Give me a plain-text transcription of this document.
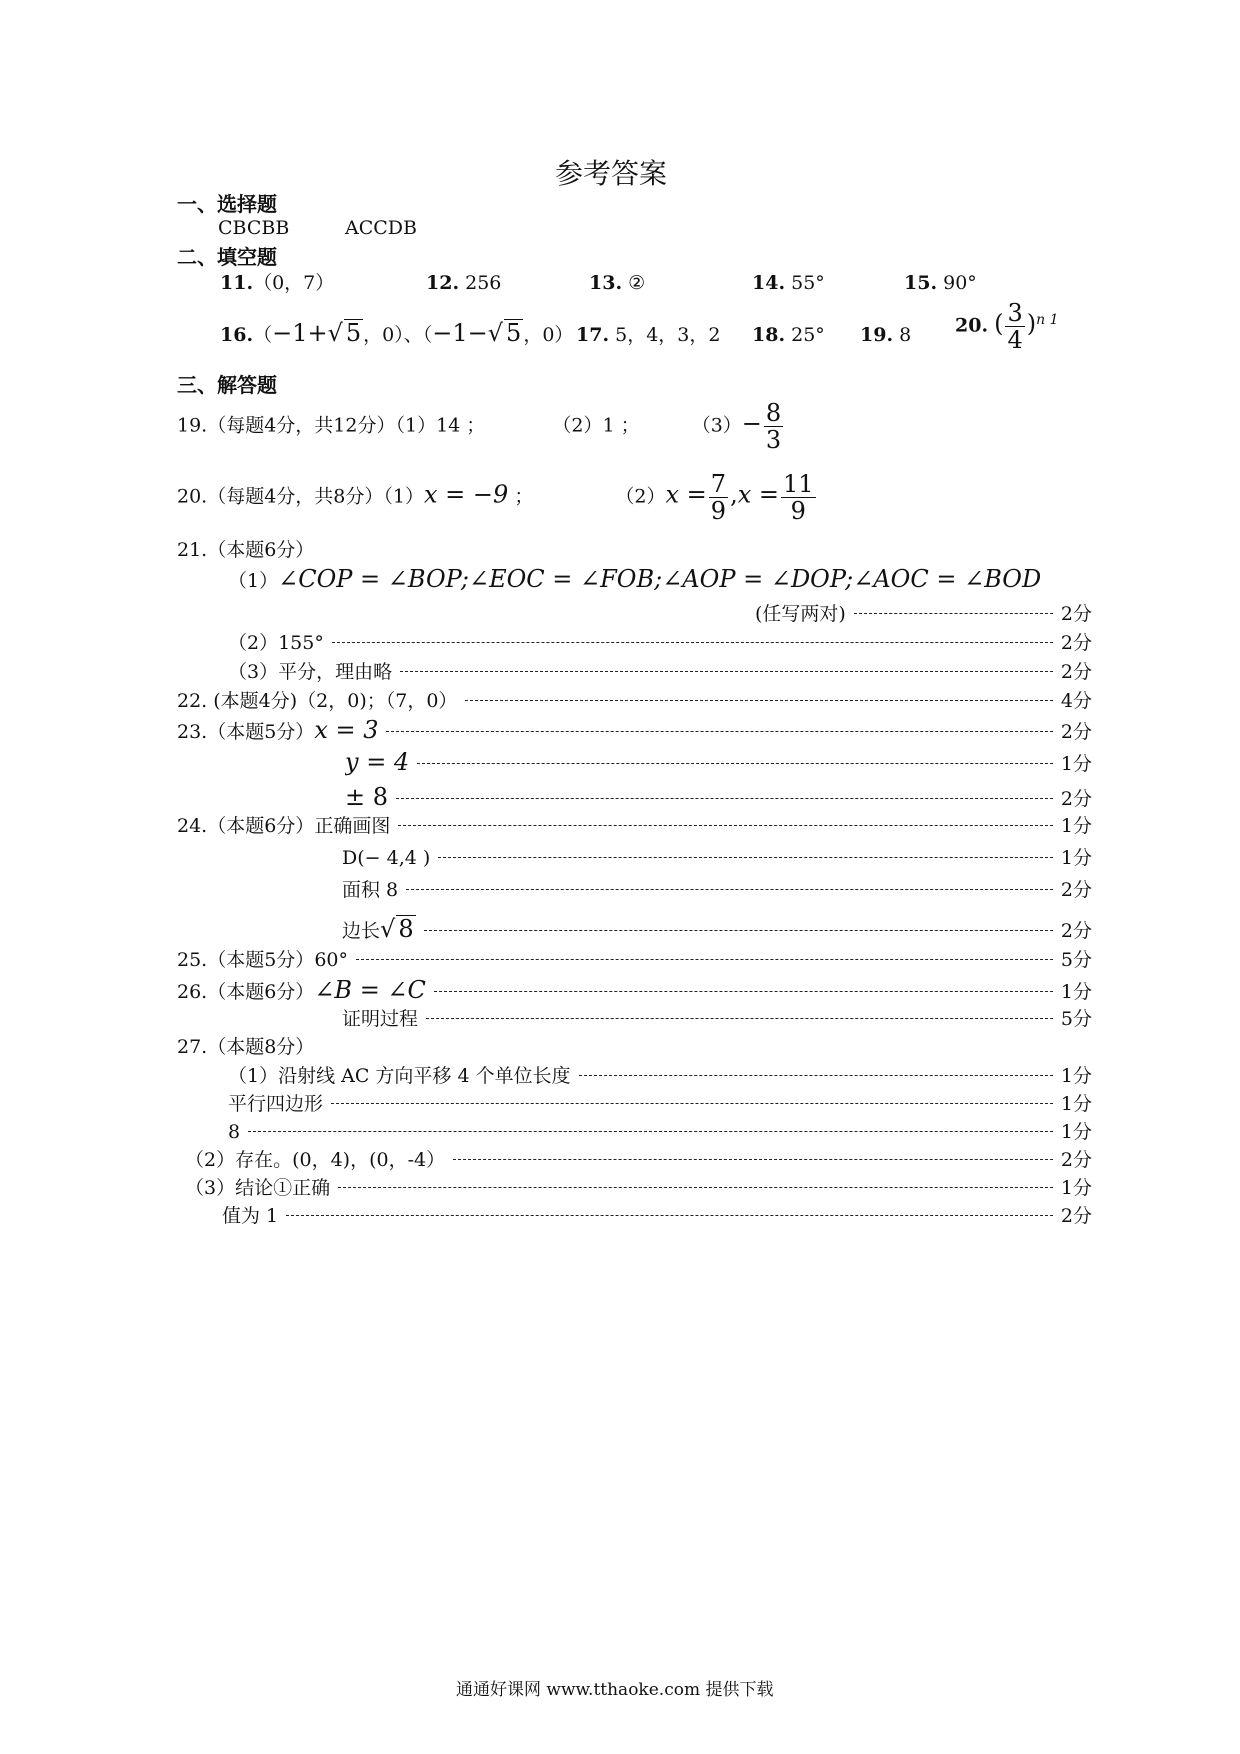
参考答案
一、选择题
CBCBB	ACCDB
二、填空题
11.（0，7）	12. 256	13. ②	14. 55°	15. 90°
16.（−1+√ 5 ，0）、（−1−√ 5 ，0） 17. 5，4，3，2 18. 25° 19. 8 20. ( $\frac{3}{4} )^{n 1}$
三、解答题
19.（每题4分，共12分）（1）14 ；	（2）1 ；	$(3)- \frac{8}{3}$
20.（每题4分，共8分）（1）x = −9 ；	$(2)x = \frac{7}{9} ,x = \frac{11}{9}$
21.（本题6分）
（1）∠COP = ∠BOP;∠EOC = ∠FOB;∠AOP = ∠DOP;∠AOC = ∠BOD
(任写两对)	2分
（2）155°	2分
（3）平分，理由略	2分
22. (本题4分)（2，0)；（7，0）	4分
23.（本题5分） x = 3	2分
y = 4	1分
± 8	2分
24.（本题6分） 正确画图	1分
D(− 4,4 )	1分
面积 8	2分
边长 √ 8	2分
25.（本题5分） 60°	5分
26.（本题6分） ∠B = ∠C	1分
证明过程	5分
27.（本题8分）
（1）沿射线 AC 方向平移 4 个单位长度	1分
平行四边形	1分
8	1分
（2）存在。(0，4)，(0，-4）	2分
（3）结论①正确	1分
值为 1	2分
通通好课网 www.tthaoke.com 提供下载
